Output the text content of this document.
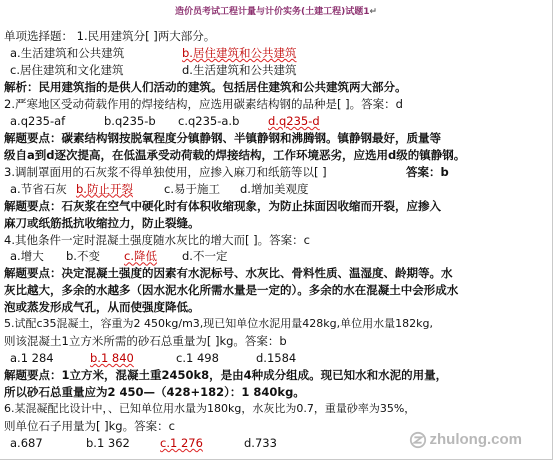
造价员考试工程计量与计价实务(土建工程)试题1↵
单项选择题： 1.民用建筑分[ ]两大部分。
a.生活建筑和公共建筑	b.居住建筑和公共建筑
c.居住建筑和文化建筑	d.生活建筑和公共建筑
解析：民用建筑指的是供人们活动的建筑。包括居住建筑和公共建筑两大部分。
2.严寒地区受动荷载作用的焊接结构，应选用碳素结构钢的品种是[ ]。答案：d
a.q235-af	b.q235-b c.q235-a.b d.q235-d
解题要点：碳素结构钢按脱氧程度分镇静钢、半镇静钢和沸腾钢。镇静钢最好，质量等
级自a到d逐次提高，在低温承受动荷载的焊接结构，工作环境恶劣，应选用d级的镇静钢。
3.调制罩面用的石灰浆不得单独使用，应掺入麻刀和纸筋等以[ ]	答案：b
a.节省石灰 b.防止开裂	c.易于施工 d.增加美观度
解题要点：石灰浆在空气中硬化时有体积收缩现象，为防止抹面因收缩而开裂，应掺入
麻刀或纸筋抵抗收缩拉力，防止裂缝。
4.其他条件一定时混凝土强度随水灰比的增大而[ ]。答案：c
a.增大 b.不变 c.降低 d.不一定
解题要点：决定混凝土强度的因素有水泥标号、水灰比、骨料性质、温湿度、龄期等。水
灰比越大，多余的水越多（因水泥水化所需水量是一定的）。多余的水在混凝土中会形成水
泡或蒸发形成气孔，从而使强度降低。
5.试配c35混凝土，容重为2 450kg/m3,现已知单位水泥用量428kg,单位用水量182kg,
则该混凝土1立方米所需的砂石总重量为[ ]kg。答案：b
a.1 284	b.1 840	c.1 498	d.1584
解题要点：1立方米，混凝土重2450k8，是由4种成分组成。现已知水和水泥的用量，
所以砂石总重量应为2 450—（428+182）：1 840kg。
6.某混凝配比设计中，、已知单位用水量为180kg，水灰比为0.7，重量砂率为35%，
则单位石子用量为[ ]kg。答案：c
a.687	b.1 362	c.1 276	d.733	zhulong.com
